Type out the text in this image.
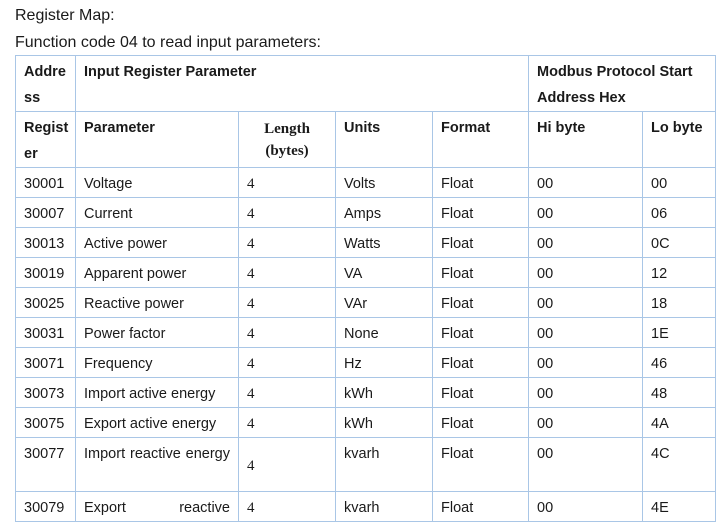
Register Map:
Function code 04 to read input parameters:
Address	Input Register Parameter				Modbus Protocol Start Address Hex	
Register	Parameter	Length (bytes)	Units	Format	Hi byte	Lo byte
30001	Voltage	4	Volts	Float	00	00
30007	Current	4	Amps	Float	00	06
30013	Active power	4	Watts	Float	00	0C
30019	Apparent power	4	VA	Float	00	12
30025	Reactive power	4	VAr	Float	00	18
30031	Power factor	4	None	Float	00	1E
30071	Frequency	4	Hz	Float	00	46
30073	Import active energy	4	kWh	Float	00	48
30075	Export active energy	4	kWh	Float	00	4A
30077	Import reactive energy	4	kvarh	Float	00	4C
30079	Export reactive	4	kvarh	Float	00	4E
